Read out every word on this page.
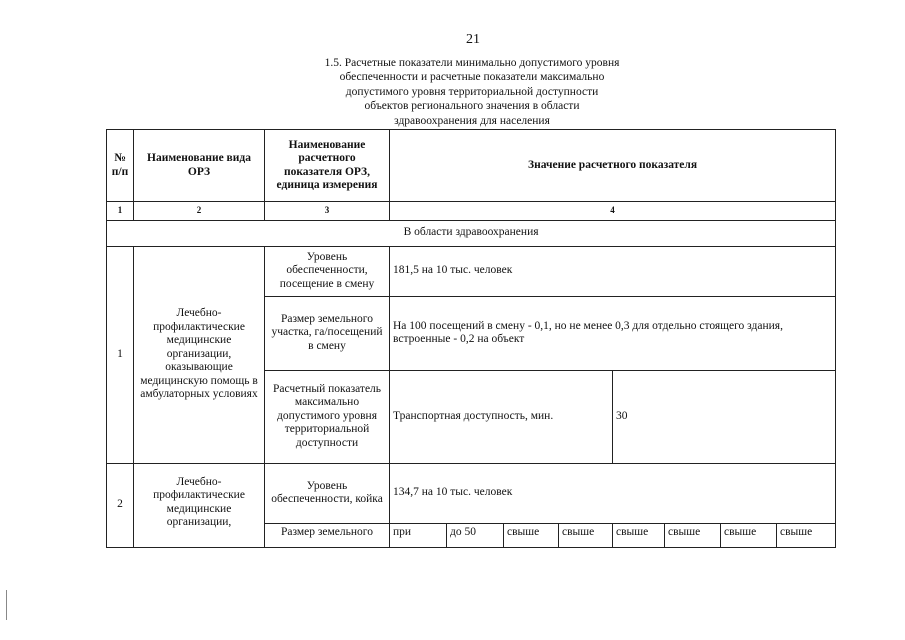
21
1.5. Расчетные показатели минимально допустимого уровня
обеспеченности и расчетные показатели максимально
допустимого уровня территориальной доступности
объектов регионального значения в области
здравоохранения для населения
№ п/п	Наименование вида ОРЗ	Наименование расчетного показателя ОРЗ, единица измерения	Значение расчетного показателя							
1	2	3	4							
В области здравоохранения										
1	Лечебно-профилактические медицинские организации, оказывающие медицинскую помощь в амбулаторных условиях	Уровень обеспеченности, посещение в смену	181,5 на 10 тыс. человек							
		Размер земельного участка, га/посещений в смену	На 100 посещений в смену - 0,1, но не менее 0,3 для отдельно стоящего здания, встроенные - 0,2 на объект							
		Расчетный показатель максимально допустимого уровня территориальной доступности	Транспортная доступность, мин.				30			
2	Лечебно-профилактические медицинские организации,	Уровень обеспеченности, койка	134,7 на 10 тыс. человек							
		Размер земельного	при	до 50	свыше	свыше	свыше	свыше	свыше	свыше
